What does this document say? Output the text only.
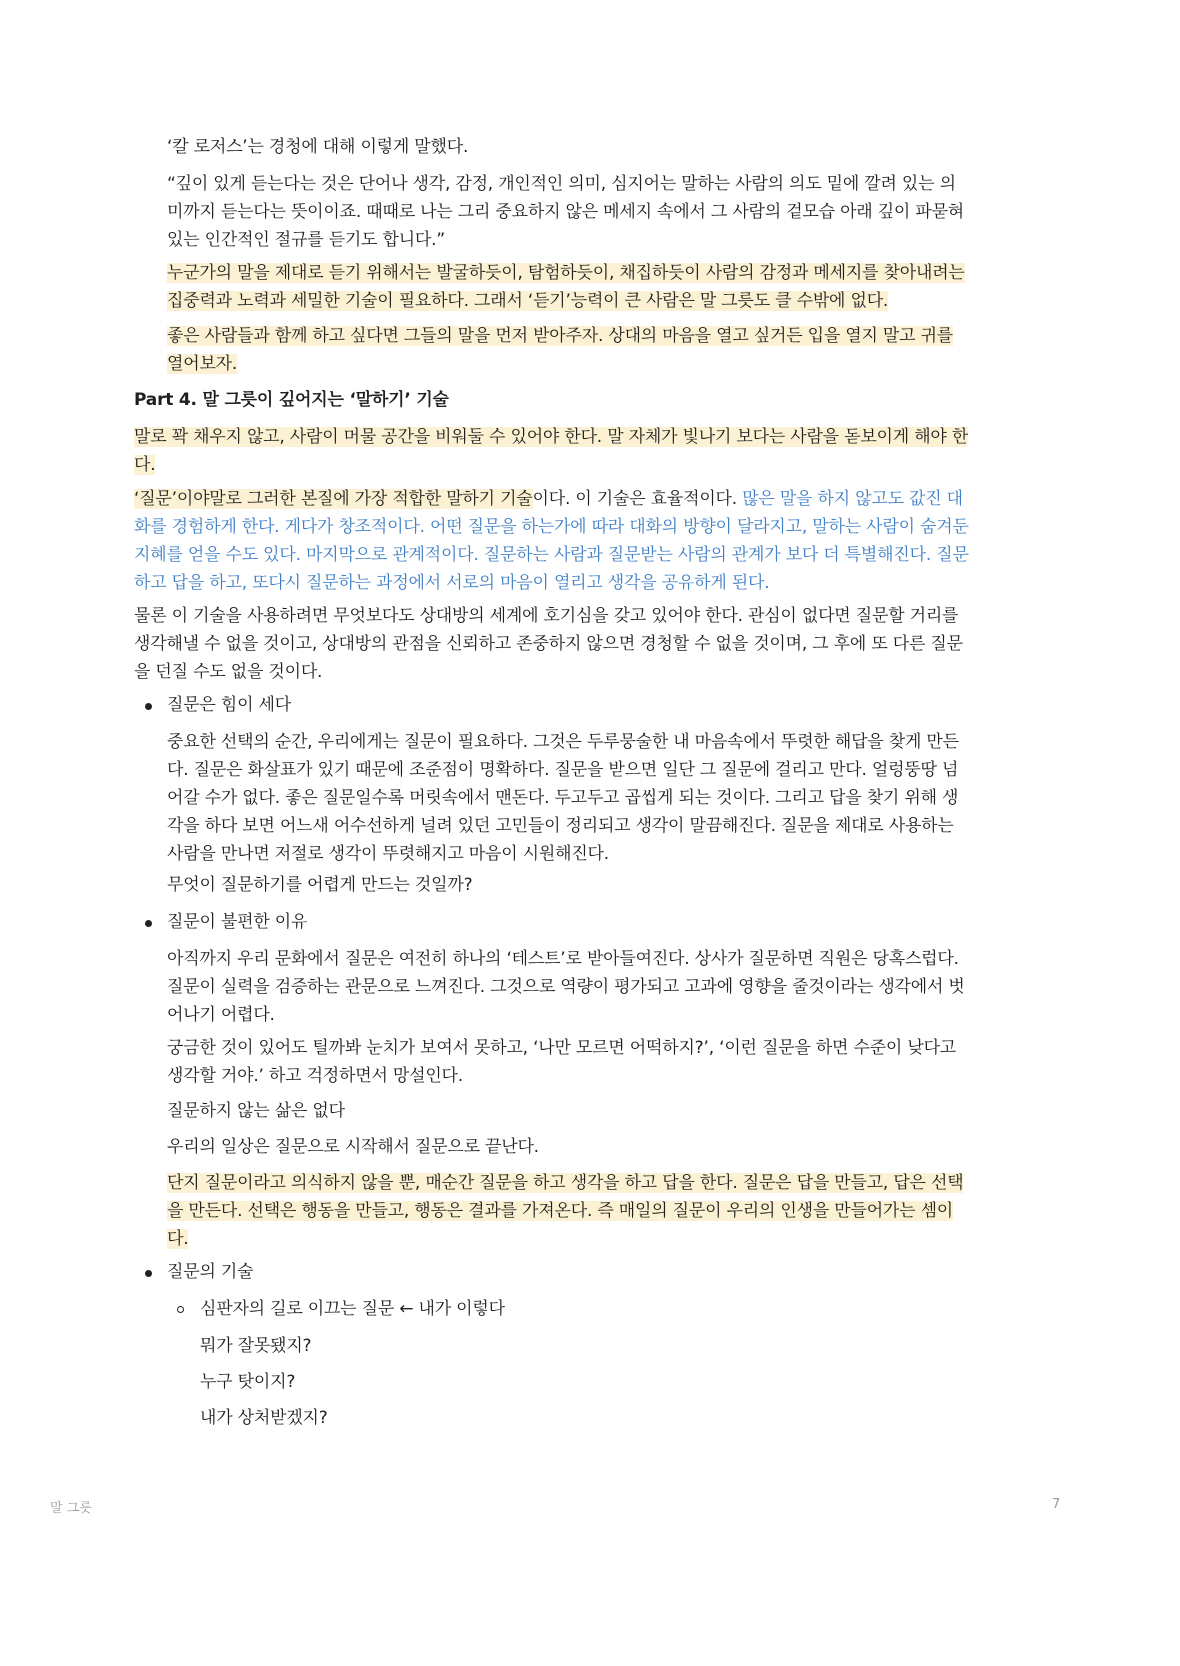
‘칼 로저스’는 경청에 대해 이렇게 말했다.
“깊이 있게 듣는다는 것은 단어나 생각, 감정, 개인적인 의미, 심지어는 말하는 사람의 의도 밑에 깔려 있는 의
미까지 듣는다는 뜻이이죠. 때때로 나는 그리 중요하지 않은 메세지 속에서 그 사람의 겉모습 아래 깊이 파묻혀
있는 인간적인 절규를 듣기도 합니다.”
누군가의 말을 제대로 듣기 위해서는 발굴하듯이, 탐험하듯이, 채집하듯이 사람의 감정과 메세지를 찾아내려는
집중력과 노력과 세밀한 기술이 필요하다. 그래서 ‘듣기’능력이 큰 사람은 말 그릇도 클 수밖에 없다.
좋은 사람들과 함께 하고 싶다면 그들의 말을 먼저 받아주자. 상대의 마음을 열고 싶거든 입을 열지 말고 귀를
열어보자.
Part 4. 말 그릇이 깊어지는 ‘말하기’ 기술
말로 꽉 채우지 않고, 사람이 머물 공간을 비워둘 수 있어야 한다. 말 자체가 빛나기 보다는 사람을 돋보이게 해야 한
다.
‘질문’이야말로 그러한 본질에 가장 적합한 말하기 기술이다. 이 기술은 효율적이다. 많은 말을 하지 않고도 값진 대
화를 경험하게 한다. 게다가 창조적이다. 어떤 질문을 하는가에 따라 대화의 방향이 달라지고, 말하는 사람이 숨겨둔
지혜를 얻을 수도 있다. 마지막으로 관계적이다. 질문하는 사람과 질문받는 사람의 관계가 보다 더 특별해진다. 질문
하고 답을 하고, 또다시 질문하는 과정에서 서로의 마음이 열리고 생각을 공유하게 된다.
물론 이 기술을 사용하려면 무엇보다도 상대방의 세계에 호기심을 갖고 있어야 한다. 관심이 없다면 질문할 거리를
생각해낼 수 없을 것이고, 상대방의 관점을 신뢰하고 존중하지 않으면 경청할 수 없을 것이며, 그 후에 또 다른 질문
을 던질 수도 없을 것이다.
질문은 힘이 세다
중요한 선택의 순간, 우리에게는 질문이 필요하다. 그것은 두루뭉술한 내 마음속에서 뚜렷한 해답을 찾게 만든
다. 질문은 화살표가 있기 때문에 조준점이 명확하다. 질문을 받으면 일단 그 질문에 걸리고 만다. 얼렁뚱땅 넘
어갈 수가 없다. 좋은 질문일수록 머릿속에서 맨돈다. 두고두고 곱씹게 되는 것이다. 그리고 답을 찾기 위해 생
각을 하다 보면 어느새 어수선하게 널려 있던 고민들이 정리되고 생각이 말끔해진다. 질문을 제대로 사용하는
사람을 만나면 저절로 생각이 뚜렷해지고 마음이 시원해진다.
무엇이 질문하기를 어렵게 만드는 것일까?
질문이 불편한 이유
아직까지 우리 문화에서 질문은 여전히 하나의 ‘테스트’로 받아들여진다. 상사가 질문하면 직원은 당혹스럽다.
질문이 실력을 검증하는 관문으로 느껴진다. 그것으로 역량이 평가되고 고과에 영향을 줄것이라는 생각에서 벗
어나기 어렵다.
궁금한 것이 있어도 틸까봐 눈치가 보여서 못하고, ‘나만 모르면 어떡하지?’, ‘이런 질문을 하면 수준이 낮다고
생각할 거야.’ 하고 걱정하면서 망설인다.
질문하지 않는 삶은 없다
우리의 일상은 질문으로 시작해서 질문으로 끝난다.
단지 질문이라고 의식하지 않을 뿐, 매순간 질문을 하고 생각을 하고 답을 한다. 질문은 답을 만들고, 답은 선택
을 만든다. 선택은 행동을 만들고, 행동은 결과를 가져온다. 즉 매일의 질문이 우리의 인생을 만들어가는 셈이
다.
질문의 기술
심판자의 길로 이끄는 질문 ← 내가 이렇다
뭐가 잘못됐지?
누구 탓이지?
내가 상처받겠지?
말 그릇	7
